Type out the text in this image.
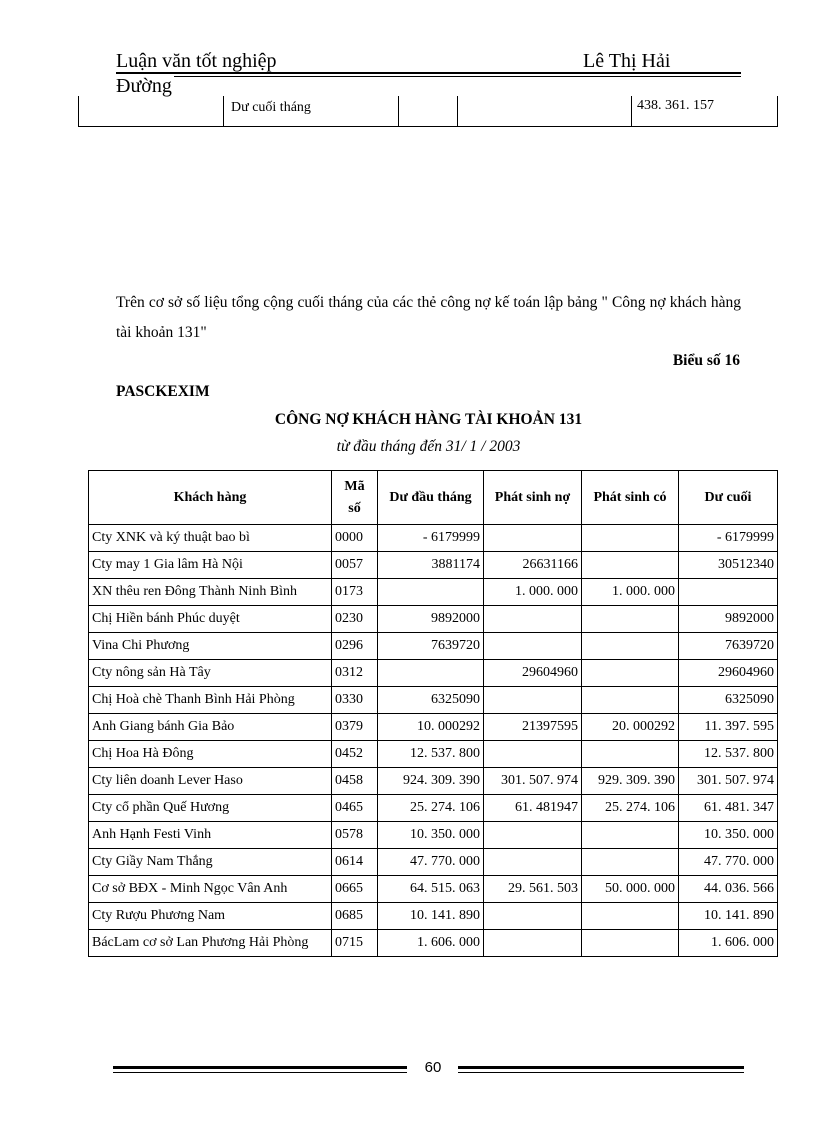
Luận văn tốt nghiệp	Lê Thị Hải
Đường
Dư cuối tháng	438. 361. 157
Trên cơ sở số liệu tổng cộng cuối tháng của các thẻ công nợ kế toán lập bảng " Công nợ khách hàng tài khoản 131"
Biểu số 16
PASCKEXIM
CÔNG NỢ KHÁCH HÀNG TÀI KHOẢN 131
từ đầu tháng đến 31/ 1 / 2003
Khách hàng	Mã số	Dư đầu tháng	Phát sinh nợ	Phát sinh có	Dư cuối
Cty XNK và ký thuật bao bì	0000	- 6179999			- 6179999
Cty may 1 Gia lâm Hà Nội	0057	3881174	26631166		30512340
XN thêu ren Đông Thành Ninh Bình	0173		1. 000. 000	1. 000. 000	
Chị Hiền bánh Phúc duyệt	0230	9892000			9892000
Vina Chi Phương	0296	7639720			7639720
Cty nông sản Hà Tây	0312		29604960		29604960
Chị Hoà chè Thanh Bình Hải Phòng	0330	6325090			6325090
Anh Giang bánh Gia Bảo	0379	10. 000292	21397595	20. 000292	11. 397. 595
Chị Hoa Hà Đông	0452	12. 537. 800			12. 537. 800
Cty liên doanh Lever Haso	0458	924. 309. 390	301. 507. 974	929. 309. 390	301. 507. 974
Cty cổ phần Quế Hương	0465	25. 274. 106	61. 481947	25. 274. 106	61. 481. 347
Anh Hạnh Festi Vinh	0578	10. 350. 000			10. 350. 000
Cty Giầy Nam Thắng	0614	47. 770. 000			47. 770. 000
Cơ sở BĐX - Minh Ngọc Vân Anh	0665	64. 515. 063	29. 561. 503	50. 000. 000	44. 036. 566
Cty Rượu Phương Nam	0685	10. 141. 890			10. 141. 890
BácLam cơ sở Lan Phương Hải Phòng	0715	1. 606. 000			1. 606. 000
60
